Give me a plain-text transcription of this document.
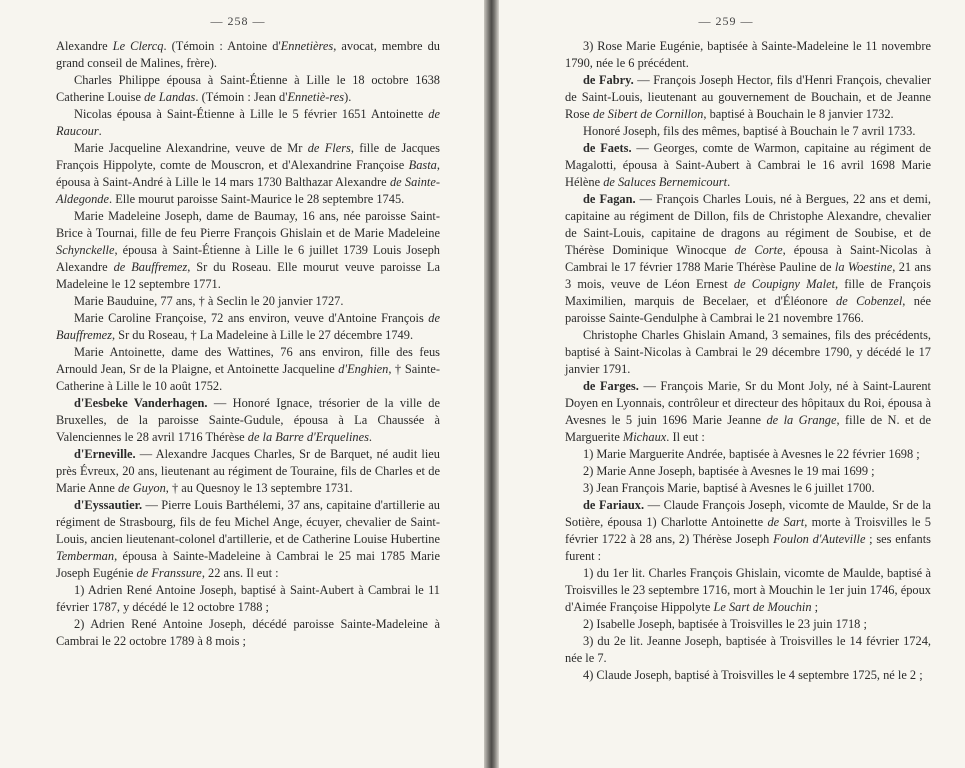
— 258 —

Alexandre Le Clercq. (Témoin : Antoine d'Ennetières, avocat, membre du grand conseil de Malines, frère).

Charles Philippe épousa à Saint-Étienne à Lille le 18 octobre 1638 Catherine Louise de Landas. (Témoin : Jean d'Ennetiè-res).

Nicolas épousa à Saint-Étienne à Lille le 5 février 1651 Antoinette de Raucour.

Marie Jacqueline Alexandrine, veuve de Mr de Flers, fille de Jacques François Hippolyte, comte de Mouscron, et d'Alexandrine Françoise Basta, épousa à Saint-André à Lille le 14 mars 1730 Balthazar Alexandre de Sainte-Aldegonde. Elle mourut paroisse Saint-Maurice le 28 septembre 1745.

Marie Madeleine Joseph, dame de Baumay, 16 ans, née paroisse Saint-Brice à Tournai, fille de feu Pierre François Ghislain et de Marie Madeleine Schynckelle, épousa à Saint-Étienne à Lille le 6 juillet 1739 Louis Joseph Alexandre de Bauffremez, Sr du Roseau. Elle mourut veuve paroisse La Madeleine le 12 septembre 1771.

Marie Bauduine, 77 ans, † à Seclin le 20 janvier 1727.

Marie Caroline Françoise, 72 ans environ, veuve d'Antoine François de Bauffremez, Sr du Roseau, † La Madeleine à Lille le 27 décembre 1749.

Marie Antoinette, dame des Wattines, 76 ans environ, fille des feus Arnould Jean, Sr de la Plaigne, et Antoinette Jacqueline d'Enghien, † Sainte-Catherine à Lille le 10 août 1752.

d'Eesbeke Vanderhagen. — Honoré Ignace, trésorier de la ville de Bruxelles, de la paroisse Sainte-Gudule, épousa à La Chaussée à Valenciennes le 28 avril 1716 Thérèse de la Barre d'Erquelines.

d'Erneville. — Alexandre Jacques Charles, Sr de Barquet, né audit lieu près Évreux, 20 ans, lieutenant au régiment de Touraine, fils de Charles et de Marie Anne de Guyon, † au Quesnoy le 13 septembre 1731.

d'Eyssautier. — Pierre Louis Barthélemi, 37 ans, capitaine d'artillerie au régiment de Strasbourg, fils de feu Michel Ange, écuyer, chevalier de Saint-Louis, ancien lieutenant-colonel d'artillerie, et de Catherine Louise Hubertine Temberman, épousa à Sainte-Madeleine à Cambrai le 25 mai 1785 Marie Joseph Eugénie de Franssure, 22 ans. Il eut :

1) Adrien René Antoine Joseph, baptisé à Saint-Aubert à Cambrai le 11 février 1787, y décédé le 12 octobre 1788 ;

2) Adrien René Antoine Joseph, décédé paroisse Sainte-Madeleine à Cambrai le 22 octobre 1789 à 8 mois ;

— 259 —

3) Rose Marie Eugénie, baptisée à Sainte-Madeleine le 11 novembre 1790, née le 6 précédent.

de Fabry. — François Joseph Hector, fils d'Henri François, chevalier de Saint-Louis, lieutenant au gouvernement de Bouchain, et de Jeanne Rose de Sibert de Cornillon, baptisé à Bouchain le 8 janvier 1732.

Honoré Joseph, fils des mêmes, baptisé à Bouchain le 7 avril 1733.

de Faets. — Georges, comte de Warmon, capitaine au régiment de Magalotti, épousa à Saint-Aubert à Cambrai le 16 avril 1698 Marie Hélène de Saluces Bernemicourt.

de Fagan. — François Charles Louis, né à Bergues, 22 ans et demi, capitaine au régiment de Dillon, fils de Christophe Alexandre, chevalier de Saint-Louis, capitaine de dragons au régiment de Soubise, et de Thérèse Dominique Winocque de Corte, épousa à Saint-Nicolas à Cambrai le 17 février 1788 Marie Thérèse Pauline de la Woestine, 21 ans 3 mois, veuve de Léon Ernest de Coupigny Malet, fille de François Maximilien, marquis de Becelaer, et d'Éléonore de Cobenzel, née paroisse Sainte-Gendulphe à Cambrai le 21 novembre 1766.

Christophe Charles Ghislain Amand, 3 semaines, fils des précédents, baptisé à Saint-Nicolas à Cambrai le 29 décembre 1790, y décédé le 17 janvier 1791.

de Farges. — François Marie, Sr du Mont Joly, né à Saint-Laurent Doyen en Lyonnais, contrôleur et directeur des hôpitaux du Roi, épousa à Avesnes le 5 juin 1696 Marie Jeanne de la Grange, fille de N. et de Marguerite Michaux. Il eut :

1) Marie Marguerite Andrée, baptisée à Avesnes le 22 février 1698 ;

2) Marie Anne Joseph, baptisée à Avesnes le 19 mai 1699 ;

3) Jean François Marie, baptisé à Avesnes le 6 juillet 1700.

de Fariaux. — Claude François Joseph, vicomte de Maulde, Sr de la Sotière, épousa 1) Charlotte Antoinette de Sart, morte à Troisvilles le 5 février 1722 à 28 ans, 2) Thérèse Joseph Foulon d'Auteville ; ses enfants furent :

1) du 1er lit. Charles François Ghislain, vicomte de Maulde, baptisé à Troisvilles le 23 septembre 1716, mort à Mouchin le 1er juin 1746, époux d'Aimée Françoise Hippolyte Le Sart de Mouchin ;

2) Isabelle Joseph, baptisée à Troisvilles le 23 juin 1718 ;

3) du 2e lit. Jeanne Joseph, baptisée à Troisvilles le 14 février 1724, née le 7.

4) Claude Joseph, baptisé à Troisvilles le 4 septembre 1725, né le 2 ;
